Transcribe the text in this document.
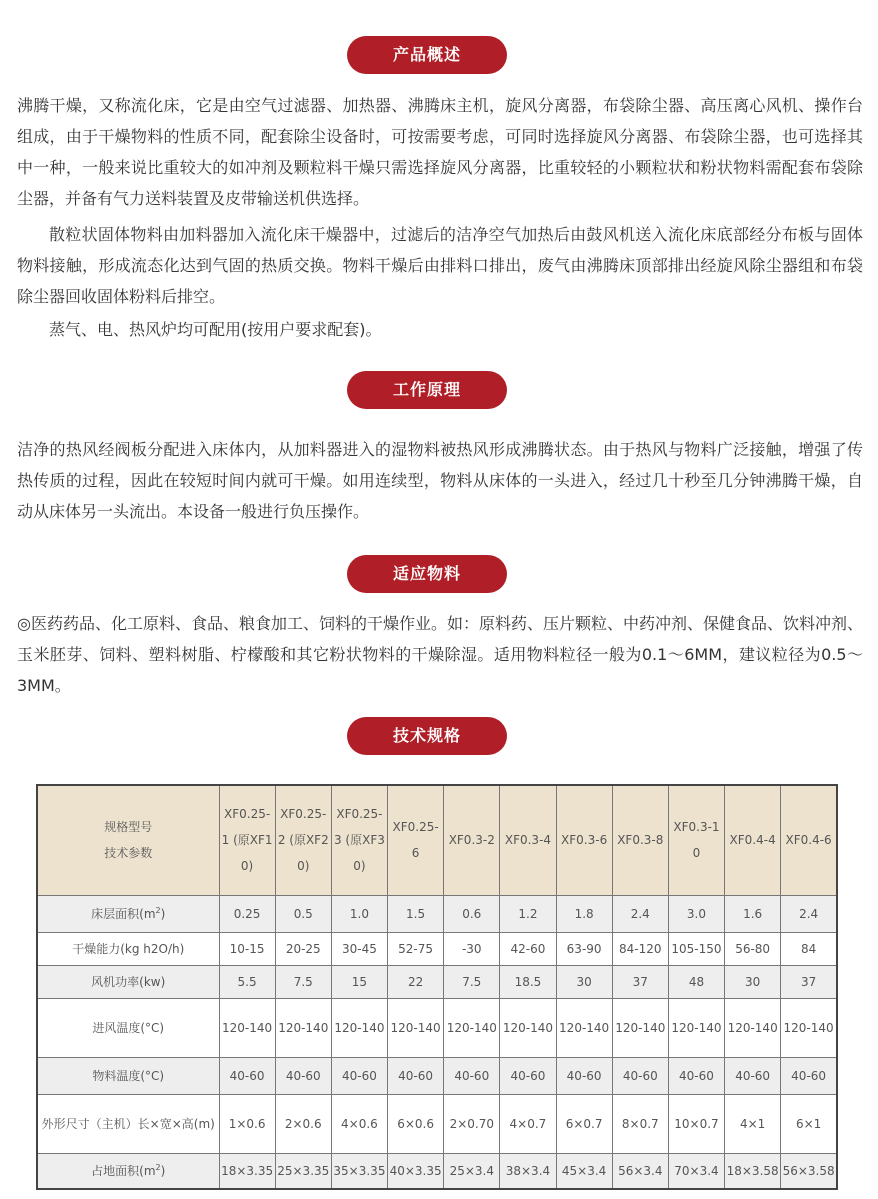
产品概述

沸腾干燥，又称流化床，它是由空气过滤器、加热器、沸腾床主机，旋风分离器，布袋除尘器、高压离心风机、操作台组成，由于干燥物料的性质不同，配套除尘设备时，可按需要考虑，可同时选择旋风分离器、布袋除尘器，也可选择其中一种，一般来说比重较大的如冲剂及颗粒料干燥只需选择旋风分离器，比重较轻的小颗粒状和粉状物料需配套布袋除尘器，并备有气力送料装置及皮带输送机供选择。

散粒状固体物料由加料器加入流化床干燥器中，过滤后的洁净空气加热后由鼓风机送入流化床底部经分布板与固体物料接触，形成流态化达到气固的热质交换。物料干燥后由排料口排出，废气由沸腾床顶部排出经旋风除尘器组和布袋除尘器回收固体粉料后排空。

蒸气、电、热风炉均可配用(按用户要求配套)。

工作原理

洁净的热风经阀板分配进入床体内，从加料器进入的湿物料被热风形成沸腾状态。由于热风与物料广泛接触，增强了传热传质的过程，因此在较短时间内就可干燥。如用连续型，物料从床体的一头进入，经过几十秒至几分钟沸腾干燥，自动从床体另一头流出。本设备一般进行负压操作。

适应物料

◎医药药品、化工原料、食品、粮食加工、饲料的干燥作业。如：原料药、压片颗粒、中药冲剂、保健食品、饮料冲剂、玉米胚芽、饲料、塑料树脂、柠檬酸和其它粉状物料的干燥除湿。适用物料粒径一般为0.1～6MM，建议粒径为0.5～3MM。

技术规格
规格型号
技术参数	XF0.25-1 (原XF10)	XF0.25-2 (原XF20)	XF0.25-3 (原XF30)	XF0.25-6	XF0.3-2	XF0.3-4	XF0.3-6	XF0.3-8	XF0.3-10	XF0.4-4	XF0.4-6
床层面积$(m^2)$	0.25	0.5	1.0	1.5	0.6	1.2	1.8	2.4	3.0	1.6	2.4
干燥能力(kg h2O/h)	10-15	20-25	30-45	52-75	-30	42-60	63-90	84-120	105-150	56-80	84
风机功率(kw)	5.5	7.5	15	22	7.5	18.5	30	37	48	30	37
进风温度(°C)	120-140	120-140	120-140	120-140	120-140	120-140	120-140	120-140	120-140	120-140	120-140
物料温度(°C)	40-60	40-60	40-60	40-60	40-60	40-60	40-60	40-60	40-60	40-60	40-60
外形尺寸（主机）长×宽×高(m)	1×0.6	2×0.6	4×0.6	6×0.6	2×0.70	4×0.7	6×0.7	8×0.7	10×0.7	4×1	6×1
占地面积$(m^2)$	18×3.35	25×3.35	35×3.35	40×3.35	25×3.4	38×3.4	45×3.4	56×3.4	70×3.4	18×3.58	56×3.58
